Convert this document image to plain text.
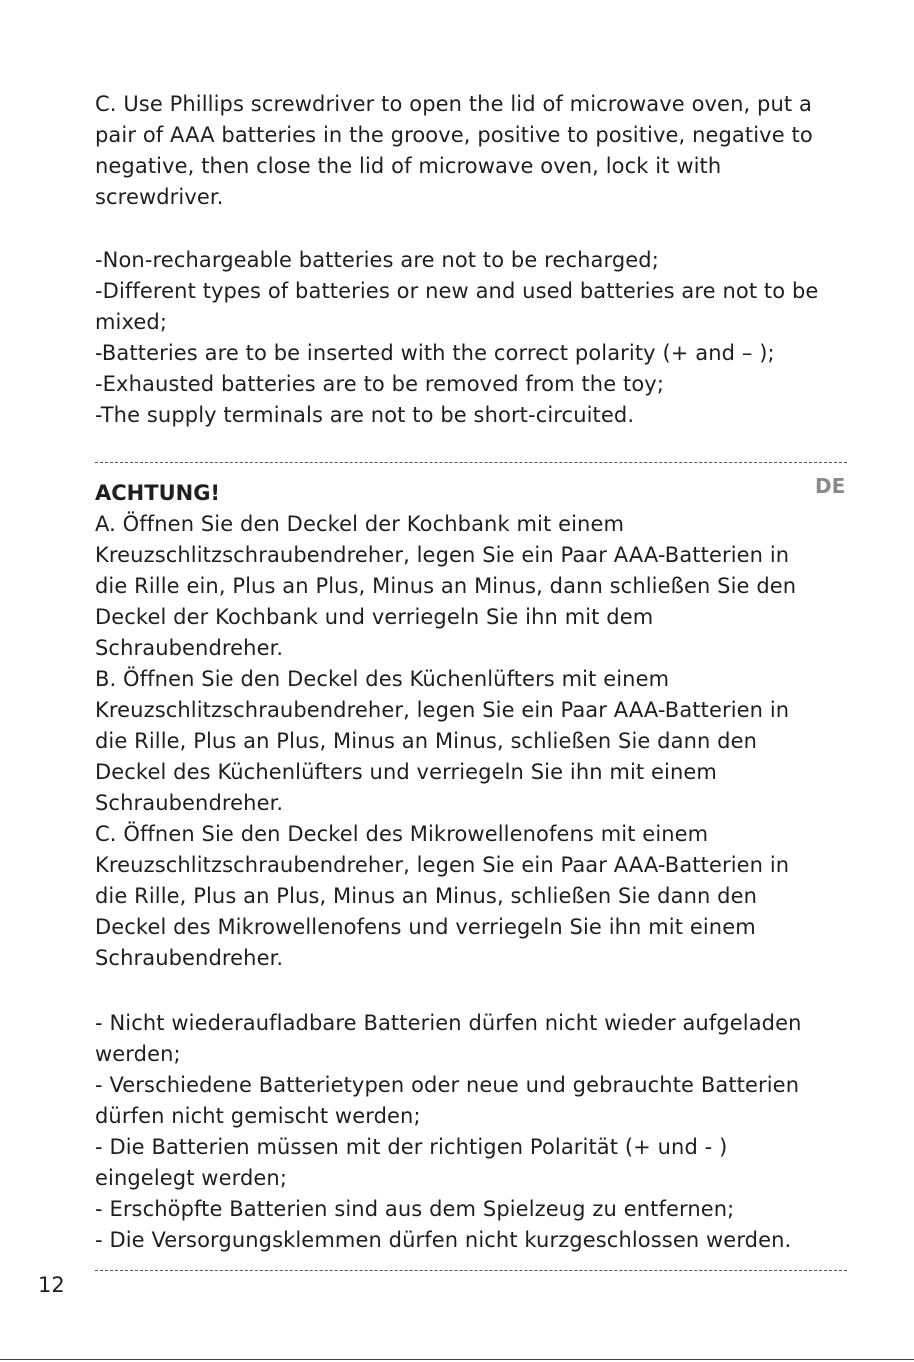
C. Use Phillips screwdriver to open the lid of microwave oven, put a

pair of AAA batteries in the groove, positive to positive, negative to

negative, then close the lid of microwave oven, lock it with

screwdriver.

-Non-rechargeable batteries are not to be recharged;

-Different types of batteries or new and used batteries are not to be

mixed;

-Batteries are to be inserted with the correct polarity (+ and – );

-Exhausted batteries are to be removed from the toy;

-The supply terminals are not to be short-circuited.

ACHTUNG!	DE

A. Öffnen Sie den Deckel der Kochbank mit einem

Kreuzschlitzschraubendreher, legen Sie ein Paar AAA-Batterien in

die Rille ein, Plus an Plus, Minus an Minus, dann schließen Sie den

Deckel der Kochbank und verriegeln Sie ihn mit dem

Schraubendreher.

B. Öffnen Sie den Deckel des Küchenlüfters mit einem

Kreuzschlitzschraubendreher, legen Sie ein Paar AAA-Batterien in

die Rille, Plus an Plus, Minus an Minus, schließen Sie dann den

Deckel des Küchenlüfters und verriegeln Sie ihn mit einem

Schraubendreher.

C. Öffnen Sie den Deckel des Mikrowellenofens mit einem

Kreuzschlitzschraubendreher, legen Sie ein Paar AAA-Batterien in

die Rille, Plus an Plus, Minus an Minus, schließen Sie dann den

Deckel des Mikrowellenofens und verriegeln Sie ihn mit einem

Schraubendreher.

- Nicht wiederaufladbare Batterien dürfen nicht wieder aufgeladen

werden;

- Verschiedene Batterietypen oder neue und gebrauchte Batterien

dürfen nicht gemischt werden;

- Die Batterien müssen mit der richtigen Polarität (+ und - )

eingelegt werden;

- Erschöpfte Batterien sind aus dem Spielzeug zu entfernen;

- Die Versorgungsklemmen dürfen nicht kurzgeschlossen werden.

12
